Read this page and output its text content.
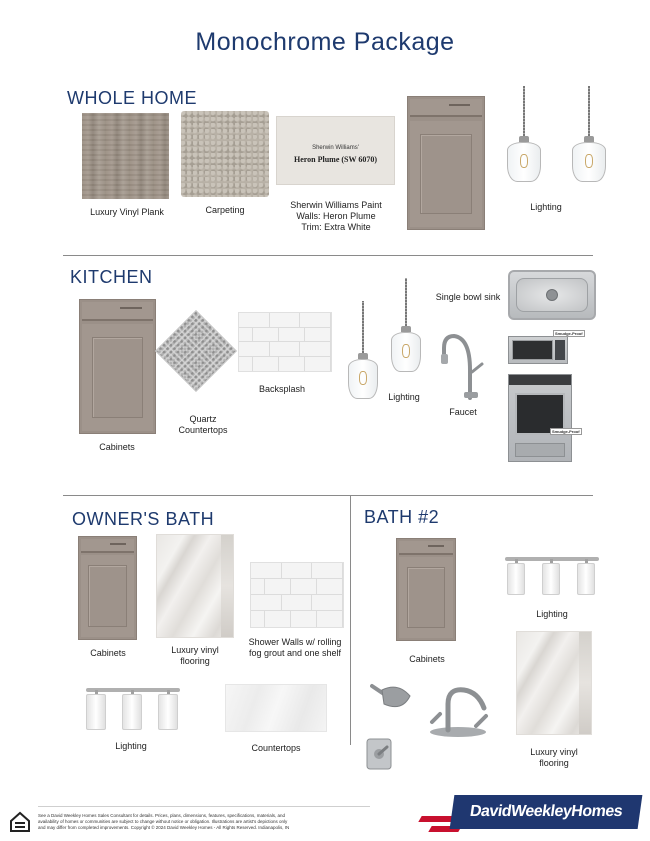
Monochrome Package
WHOLE HOME
Luxury Vinyl Plank	Carpeting
Sherwin Williams'
Heron Plume (SW 6070)
Sherwin Williams Paint
Walls: Heron Plume
Trim: Extra White
Lighting
KITCHEN
Cabinets
Quartz
Countertops
Backsplash
Lighting
Faucet
Single bowl sink
Smudge-Proof
Smudge-Proof
OWNER'S BATH
Cabinets	Luxury vinyl
flooring
Shower Walls w/ rolling
fog grout and one shelf
Lighting	Countertops
BATH #2
Cabinets
Lighting
Luxury vinyl
flooring
See a David Weekley Homes Sales Consultant for details. Prices, plans, dimensions, features, specifications, materials, and
availability of homes or communities are subject to change without notice or obligation. Illustrations are artist's depictions only
and may differ from completed improvements. Copyright © 2024 David Weekley Homes - All Rights Reserved. Indianapolis, IN
DavidWeekleyHomes
